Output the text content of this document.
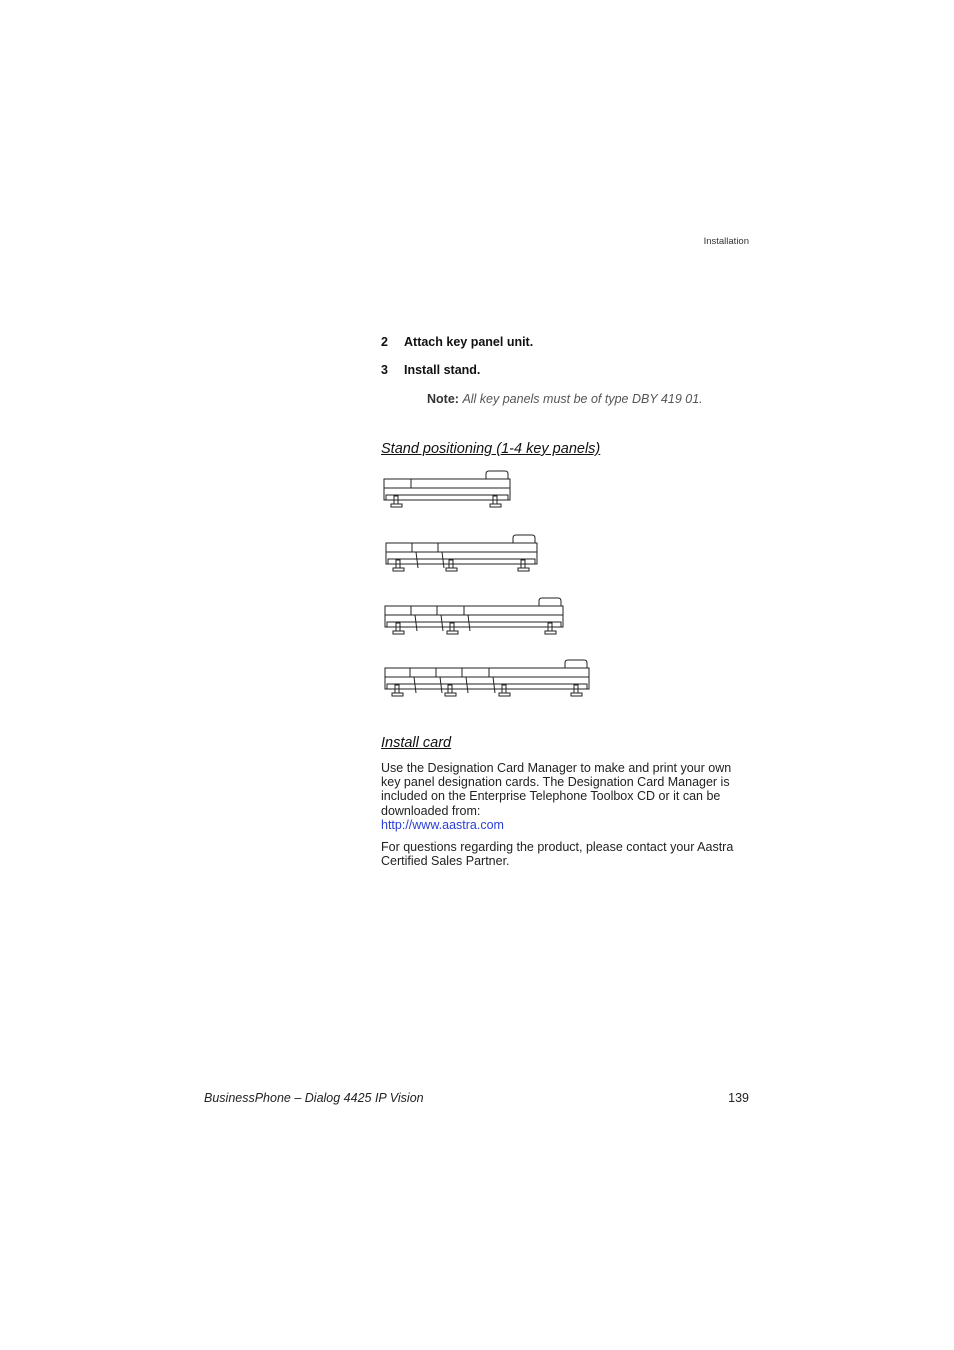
Installation
2 Attach key panel unit.
3 Install stand.
Note: All key panels must be of type DBY 419 01.
Stand positioning (1-4 key panels)
Install card
Use the Designation Card Manager to make and print your own key panel designation cards. The Designation Card Manager is included on the Enterprise Telephone Toolbox CD or it can be downloaded from:
http://www.aastra.com
For questions regarding the product, please contact your Aastra Certified Sales Partner.
BusinessPhone – Dialog 4425 IP Vision	139
